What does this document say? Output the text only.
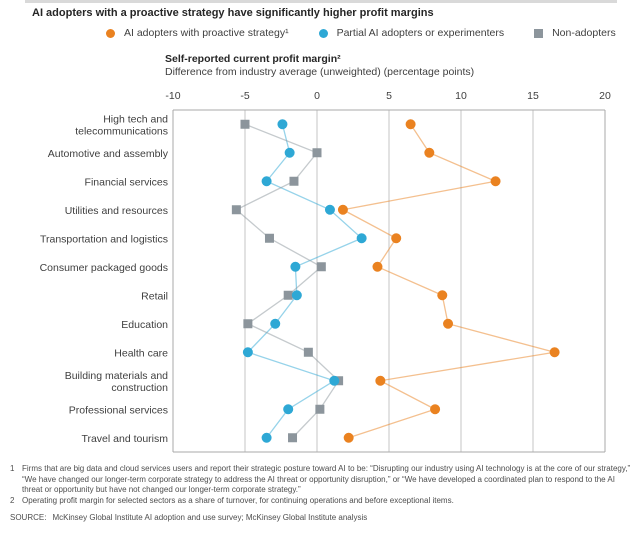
AI adopters with a proactive strategy have significantly higher profit margins
AI adopters with proactive strategy¹	Partial AI adopters or experimenters	Non-adopters
Self-reported current profit margin²
Difference from industry average (unweighted) (percentage points)
-10	-5	0	5	10	15	20
High tech and telecommunications
Automotive and assembly
Financial services
Utilities and resources
Transportation and logistics
Consumer packaged goods
Retail
Education
Health care
Building materials and construction
Professional services
Travel and tourism
1 Firms that are big data and cloud services users and report their strategic posture toward AI to be: “Disrupting our industry using AI technology is at the core of our strategy,” “We have changed our longer-term corporate strategy to address the AI threat or opportunity disruption,” or “We have developed a coordinated plan to respond to the AI threat or opportunity but have not changed our longer-term corporate strategy.”
2 Operating profit margin for selected sectors as a share of turnover, for continuing operations and before exceptional items.
SOURCE: McKinsey Global Institute AI adoption and use survey; McKinsey Global Institute analysis
